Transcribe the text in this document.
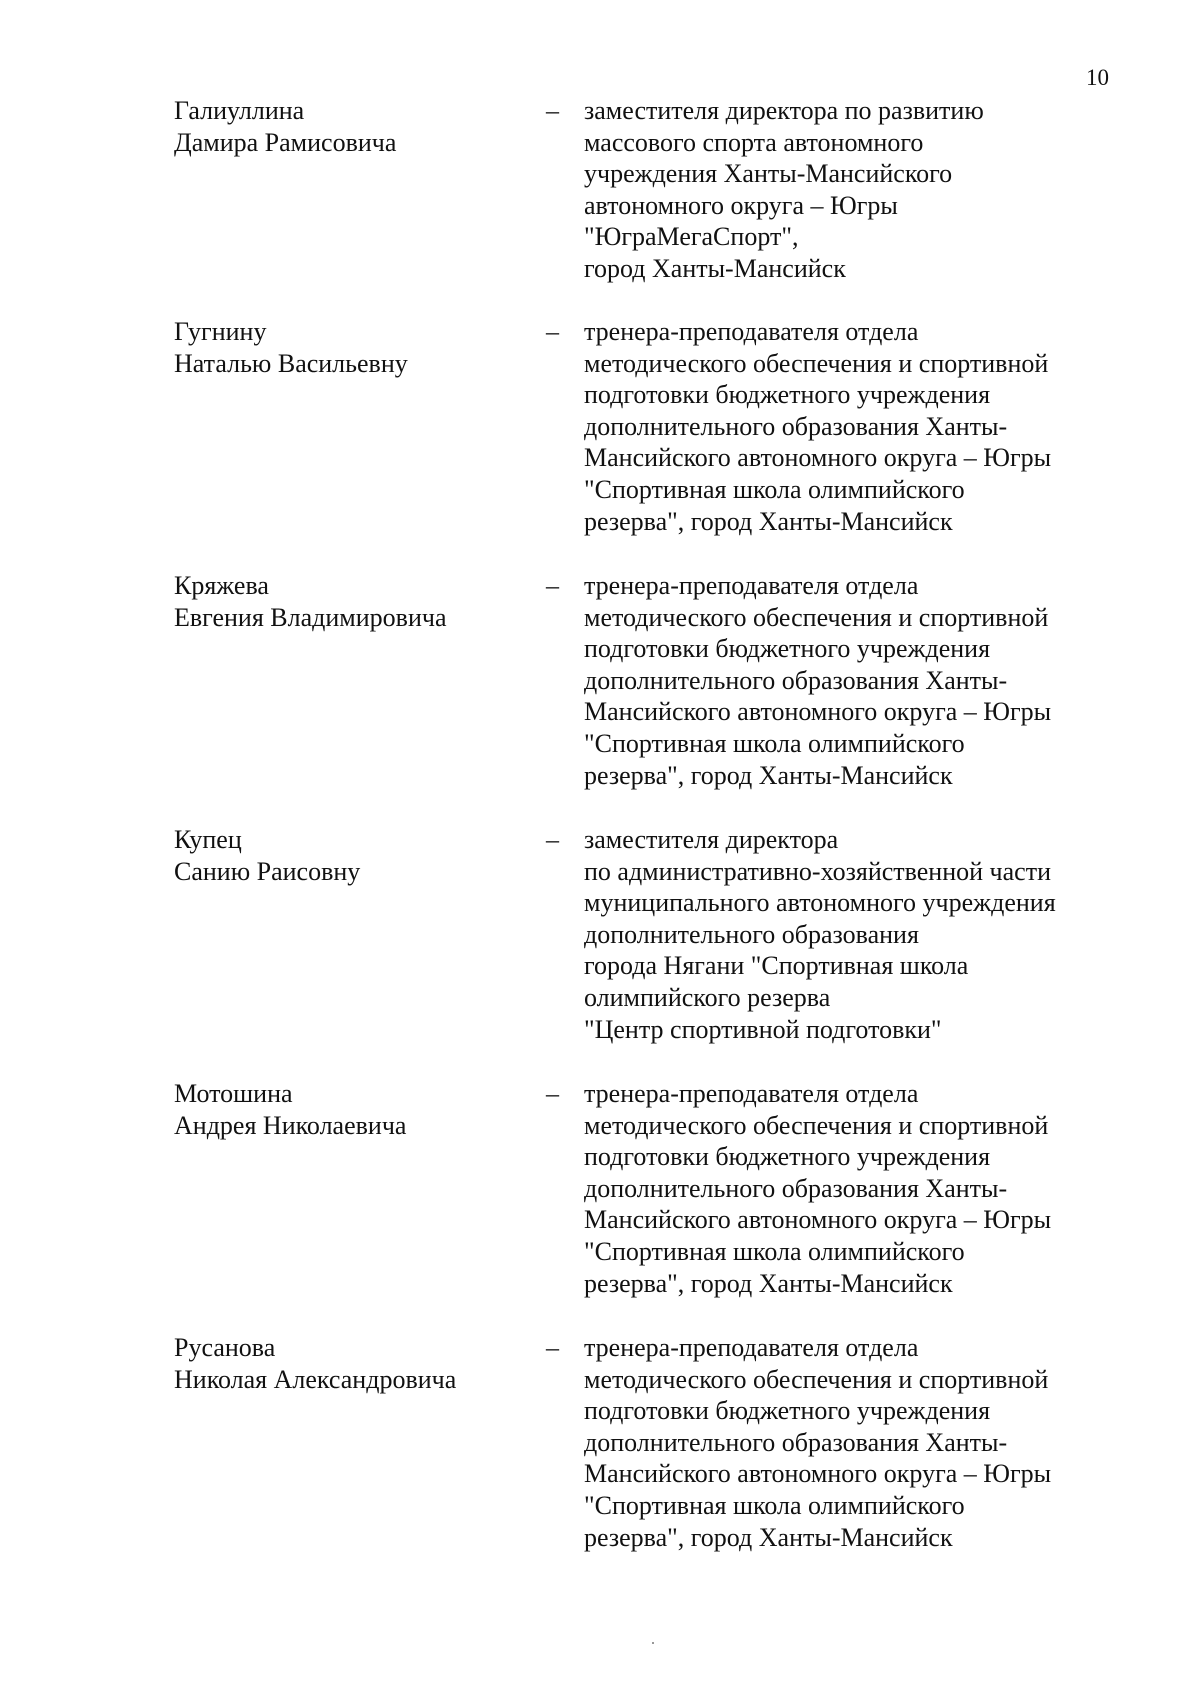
10
Галиуллина
Дамира Рамисовича
– заместителя директора по развитию
массового спорта автономного
учреждения Ханты-Мансийского
автономного округа – Югры
"ЮграМегаСпорт",
город Ханты-Мансийск
Гугнину
Наталью Васильевну
– тренера-преподавателя отдела
методического обеспечения и спортивной
подготовки бюджетного учреждения
дополнительного образования Ханты-
Мансийского автономного округа – Югры
"Спортивная школа олимпийского
резерва", город Ханты-Мансийск
Кряжева
Евгения Владимировича
– тренера-преподавателя отдела
методического обеспечения и спортивной
подготовки бюджетного учреждения
дополнительного образования Ханты-
Мансийского автономного округа – Югры
"Спортивная школа олимпийского
резерва", город Ханты-Мансийск
Купец
Санию Раисовну
– заместителя директора
по административно-хозяйственной части
муниципального автономного учреждения
дополнительного образования
города Нягани "Спортивная школа
олимпийского резерва
"Центр спортивной подготовки"
Мотошина
Андрея Николаевича
– тренера-преподавателя отдела
методического обеспечения и спортивной
подготовки бюджетного учреждения
дополнительного образования Ханты-
Мансийского автономного округа – Югры
"Спортивная школа олимпийского
резерва", город Ханты-Мансийск
Русанова
Николая Александровича
– тренера-преподавателя отдела
методического обеспечения и спортивной
подготовки бюджетного учреждения
дополнительного образования Ханты-
Мансийского автономного округа – Югры
"Спортивная школа олимпийского
резерва", город Ханты-Мансийск
